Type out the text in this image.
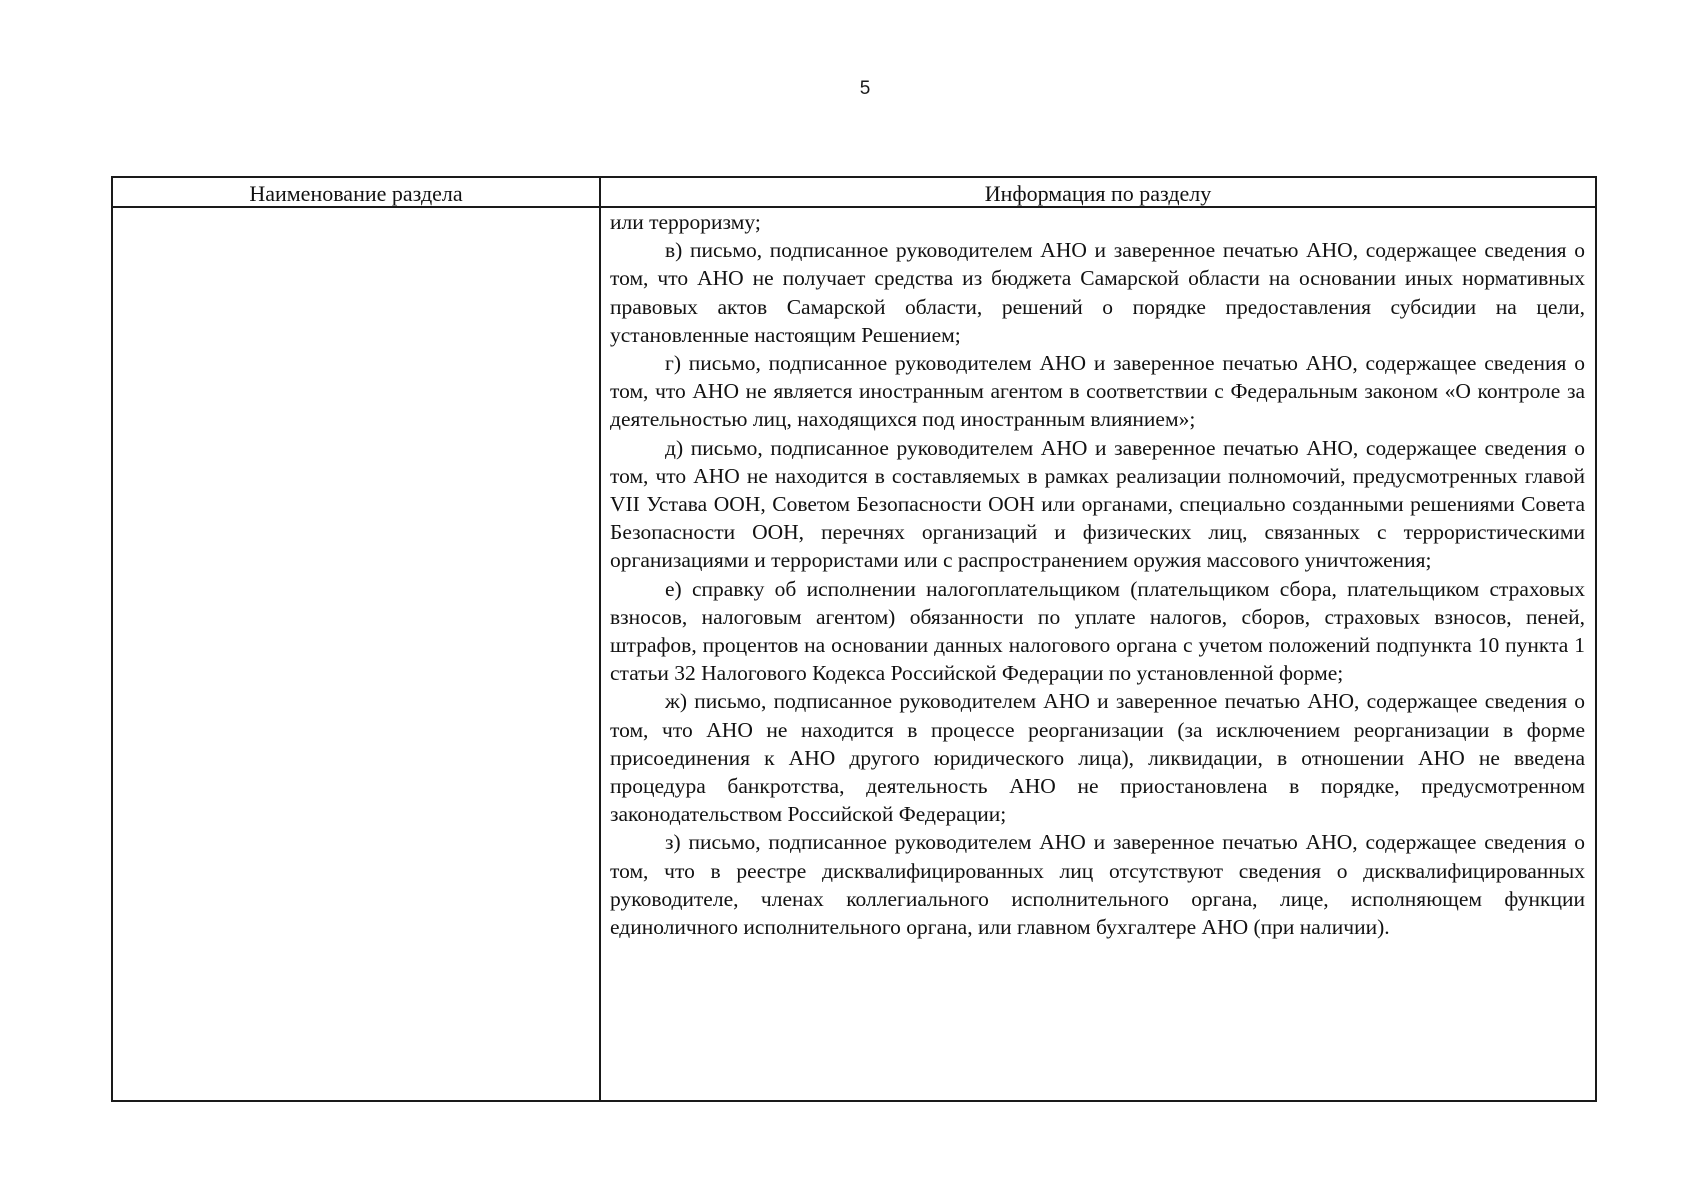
5
Наименование раздела	Информация по разделу

или терроризму;

в) письмо, подписанное руководителем АНО и заверенное печатью АНО, содержащее сведения о том, что АНО не получает средства из бюджета Самарской области на основании иных нормативных правовых актов Самарской области, решений о порядке предоставления субсидии на цели, установленные настоящим Решением;

г) письмо, подписанное руководителем АНО и заверенное печатью АНО, содержащее сведения о том, что АНО не является иностранным агентом в соответствии с Федеральным законом «О контроле за деятельностью лиц, находящихся под иностранным влиянием»;

д) письмо, подписанное руководителем АНО и заверенное печатью АНО, содержащее сведения о том, что АНО не находится в составляемых в рамках реализации полномочий, предусмотренных главой VII Устава ООН, Советом Безопасности ООН или органами, специально созданными решениями Совета Безопасности ООН, перечнях организаций и физических лиц, связанных с террористическими организациями и террористами или с распространением оружия массового уничтожения;

е) справку об исполнении налогоплательщиком (плательщиком сбора, плательщиком страховых взносов, налоговым агентом) обязанности по уплате налогов, сборов, страховых взносов, пеней, штрафов, процентов на основании данных налогового органа с учетом положений подпункта 10 пункта 1 статьи 32 Налогового Кодекса Российской Федерации по установленной форме;

ж) письмо, подписанное руководителем АНО и заверенное печатью АНО, содержащее сведения о том, что АНО не находится в процессе реорганизации (за исключением реорганизации в форме присоединения к АНО другого юридического лица), ликвидации, в отношении АНО не введена процедура банкротства, деятельность АНО не приостановлена в порядке, предусмотренном законодательством Российской Федерации;

з) письмо, подписанное руководителем АНО и заверенное печатью АНО, содержащее сведения о том, что в реестре дисквалифицированных лиц отсутствуют сведения о дисквалифицированных руководителе, членах коллегиального исполнительного органа, лице, исполняющем функции единоличного исполнительного органа, или главном бухгалтере АНО (при наличии).
